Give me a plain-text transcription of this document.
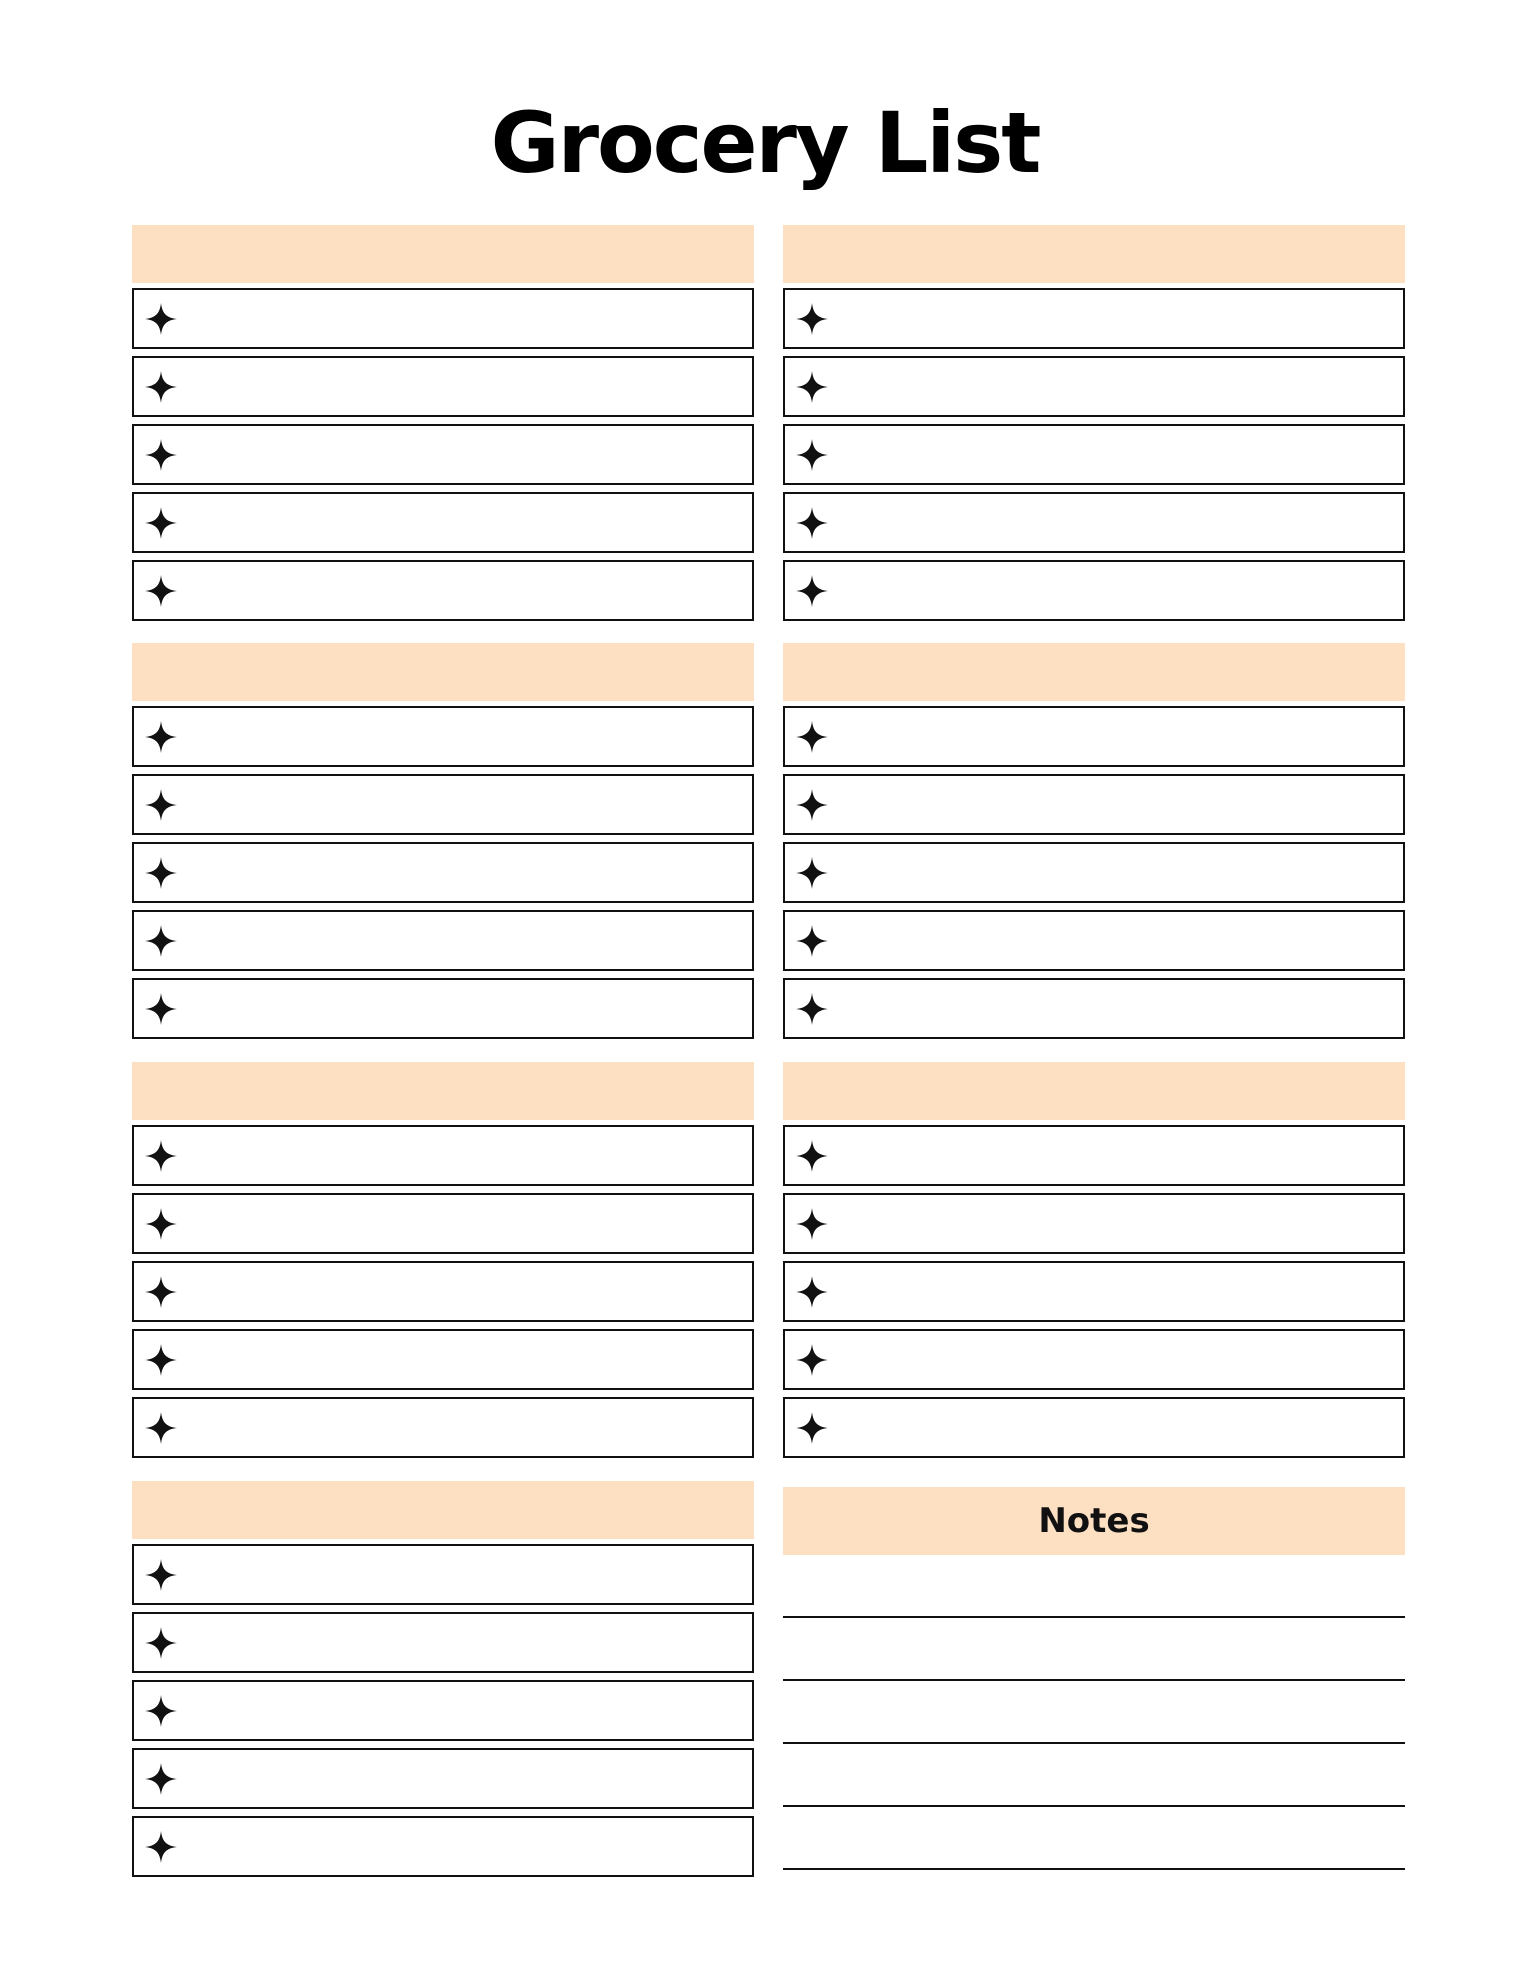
Grocery List
Notes
